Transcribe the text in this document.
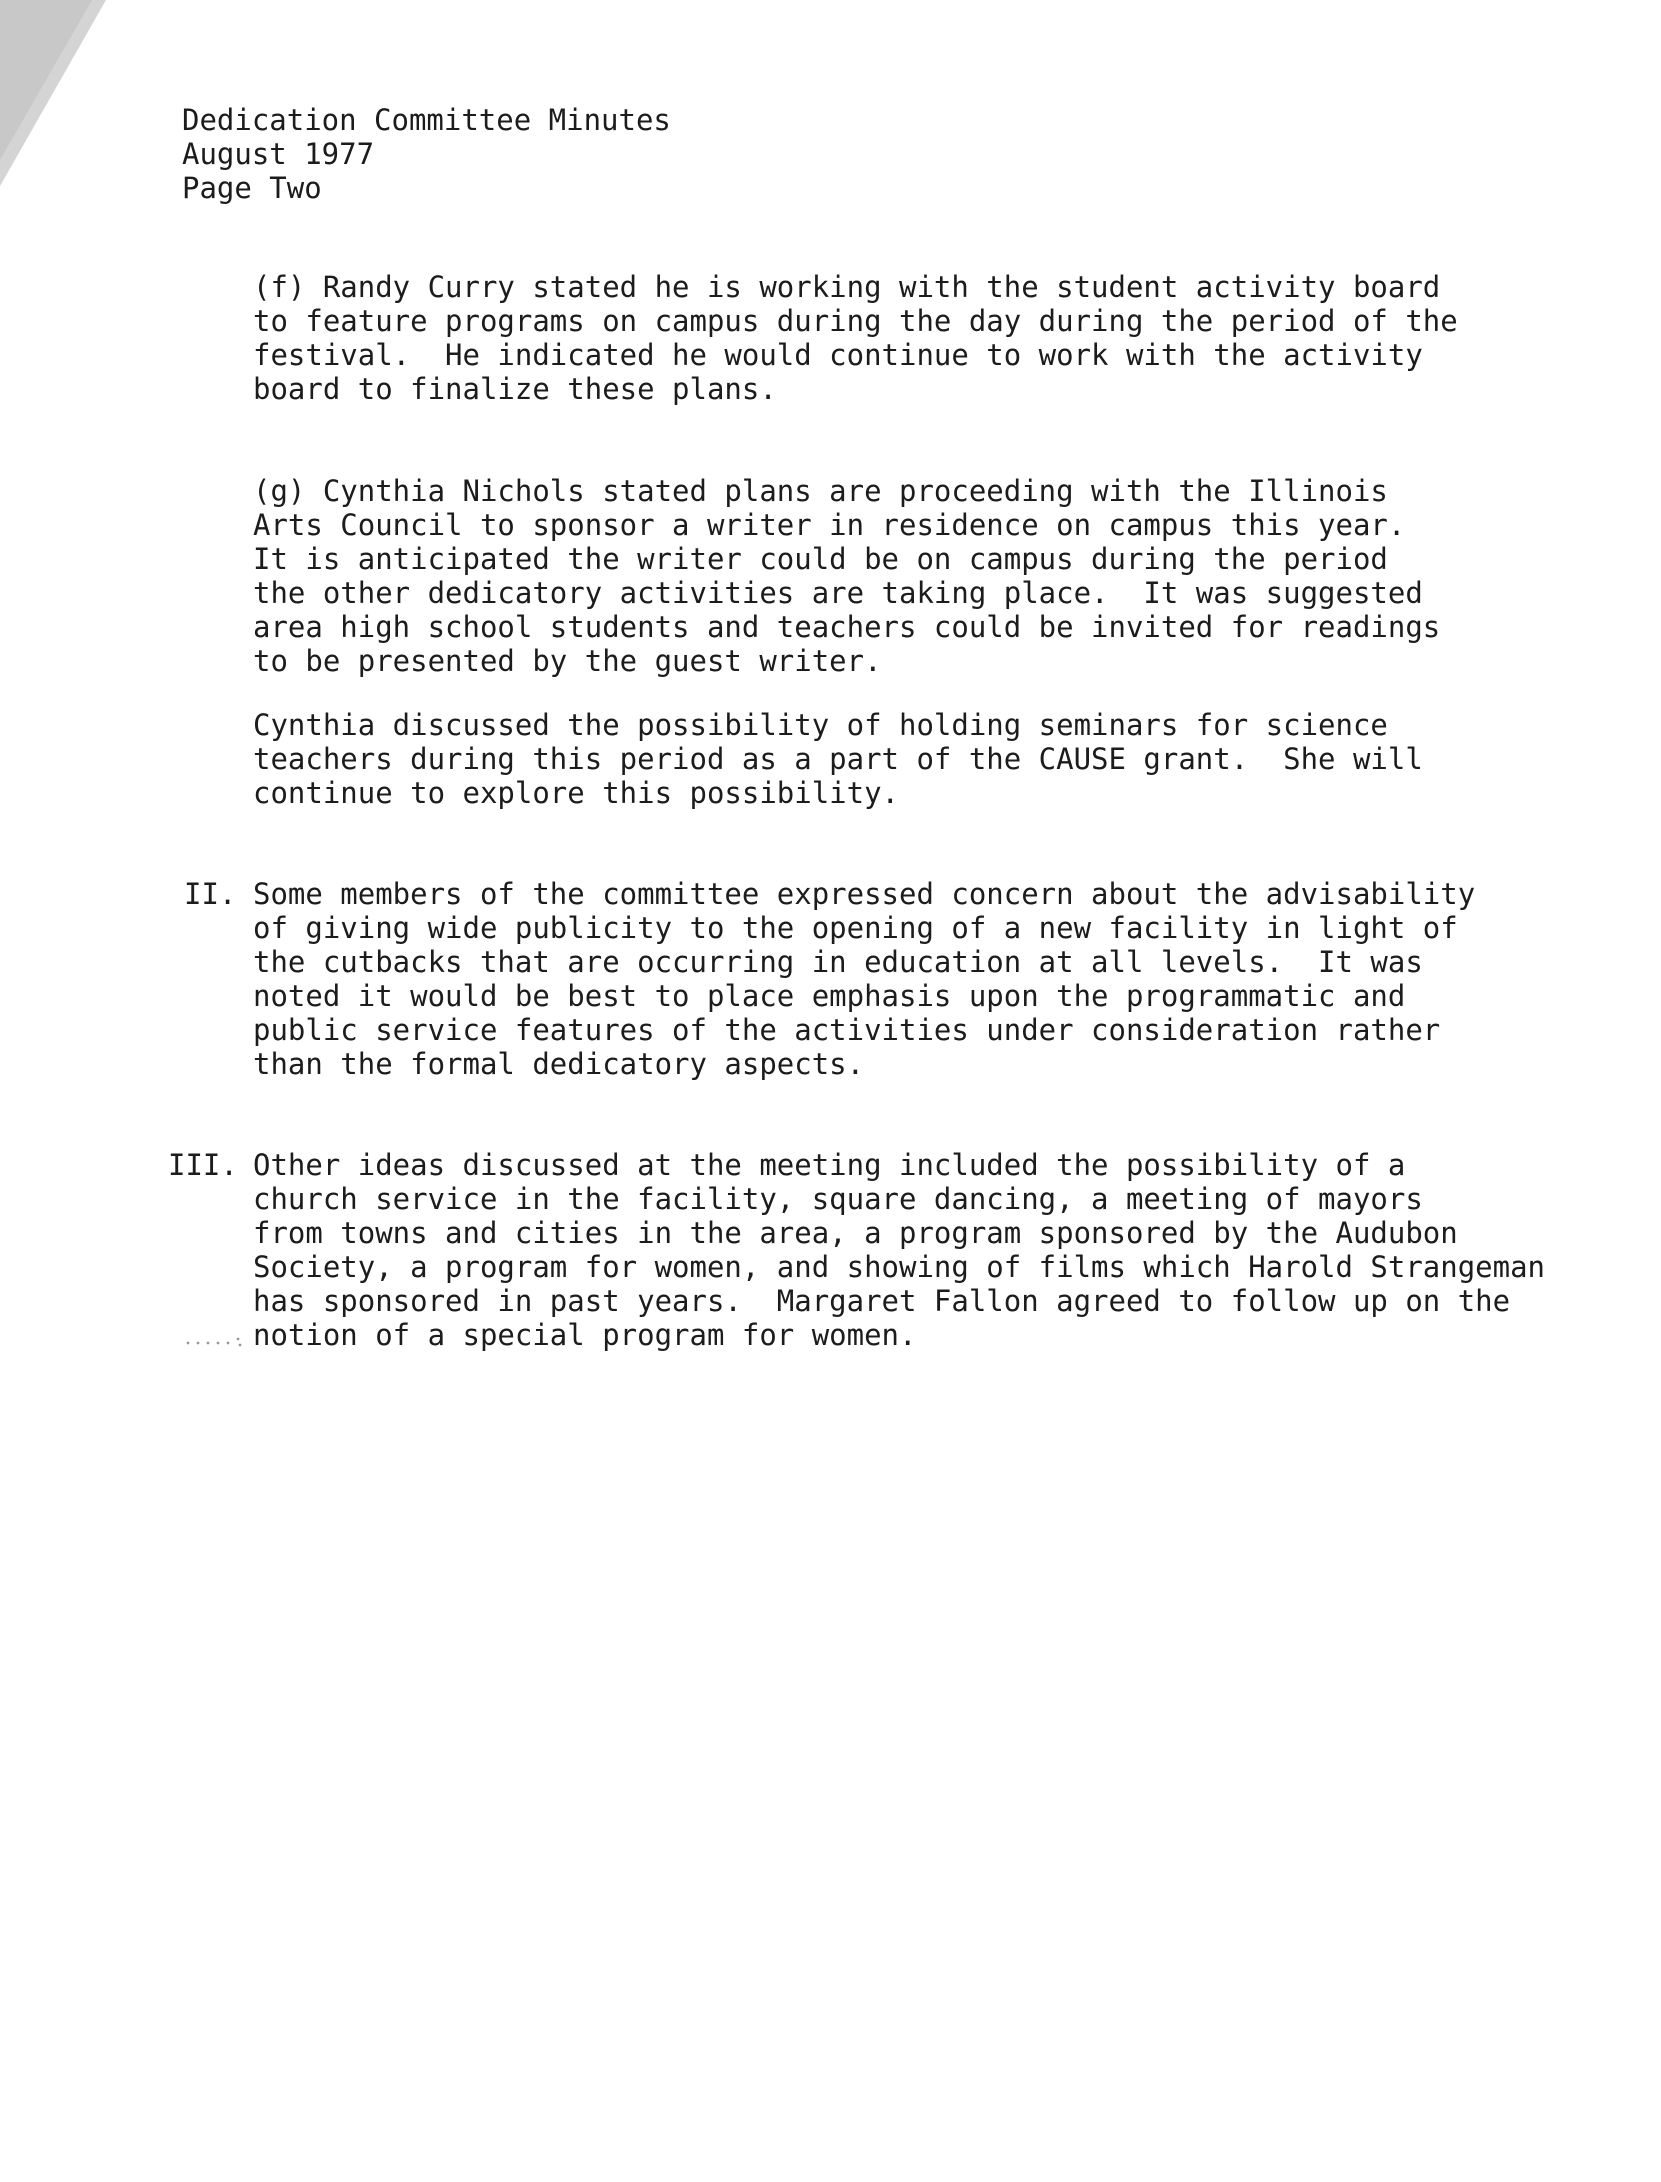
Dedication Committee Minutes
August 1977
Page Two
(f) Randy Curry stated he is working with the student activity board
to feature programs on campus during the day during the period of the
festival.  He indicated he would continue to work with the activity
board to finalize these plans.
(g) Cynthia Nichols stated plans are proceeding with the Illinois
Arts Council to sponsor a writer in residence on campus this year.
It is anticipated the writer could be on campus during the period
the other dedicatory activities are taking place.  It was suggested
area high school students and teachers could be invited for readings
to be presented by the guest writer.
Cynthia discussed the possibility of holding seminars for science
teachers during this period as a part of the CAUSE grant.  She will
continue to explore this possibility.
II. Some members of the committee expressed concern about the advisability
of giving wide publicity to the opening of a new facility in light of
the cutbacks that are occurring in education at all levels.  It was
noted it would be best to place emphasis upon the programmatic and
public service features of the activities under consideration rather
than the formal dedicatory aspects.
III. Other ideas discussed at the meeting included the possibility of a
church service in the facility, square dancing, a meeting of mayors
from towns and cities in the area, a program sponsored by the Audubon
Society, a program for women, and showing of films which Harold Strangeman
has sponsored in past years.  Margaret Fallon agreed to follow up on the
notion of a special program for women.
